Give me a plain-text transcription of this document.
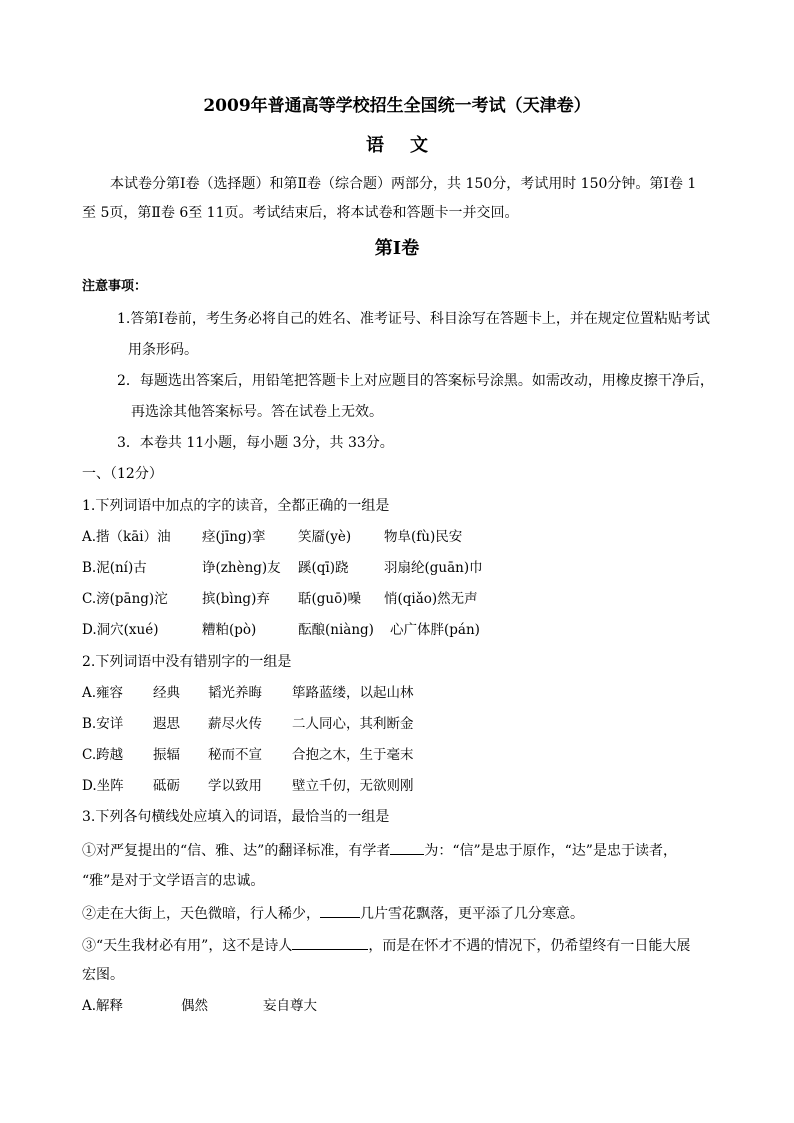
2009年普通高等学校招生全国统一考试（天津卷）
语文
本试卷分第Ⅰ卷（选择题）和第Ⅱ卷（综合题）两部分，共 150分，考试用时 150分钟。第Ⅰ卷 1
至 5页，第Ⅱ卷 6至 11页。考试结束后，将本试卷和答题卡一并交回。
第Ⅰ卷
注意事项：
1.答第Ⅰ卷前，考生务必将自己的姓名、准考证号、科目涂写在答题卡上，并在规定位置粘贴考试
用条形码。
2．每题选出答案后，用铅笔把答题卡上对应题目的答案标号涂黑。如需改动，用橡皮擦干净后，
再选涂其他答案标号。答在试卷上无效。
3．本卷共 11小题，每小题 3分，共 33分。
一、（12分）
1.下列词语中加点的字的读音，全都正确的一组是
A.揩（kāi）油 痉(jīng)挛 笑靥(yè) 物阜(fù)民安
B.泥(ní)古	诤(zhèng)友 蹊(qī)跷	羽扇纶(guān)巾
C.滂(pāng)沱	摈(bìng)弃 聒(guō)噪 悄(qiǎo)然无声
D.洞穴(xué)	糟粕(pò)	酝酿(niàng) 心广体胖(pán)
2.下列词语中没有错别字的一组是
A.雍容 经典 韬光养晦 筚路蓝缕，以起山林
B.安详 遐思 薪尽火传 二人同心，其利断金
C.跨越 振辐 秘而不宣 合抱之木，生于毫末
D.坐阵 砥砺 学以致用 壁立千仞，无欲则刚
3.下列各句横线处应填入的词语，最恰当的一组是
①对严复提出的“信、雅、达”的翻译标准，有学者 为：“信”是忠于原作，“达”是忠于读者，
“雅”是对于文学语言的忠诚。
②走在大街上，天色微暗，行人稀少，	几片雪花飘落，更平添了几分寒意。
③“天生我材必有用”，这不是诗人	，而是在怀才不遇的情况下，仍希望终有一日能大展
宏图。
A.解释	偶然	妄自尊大
